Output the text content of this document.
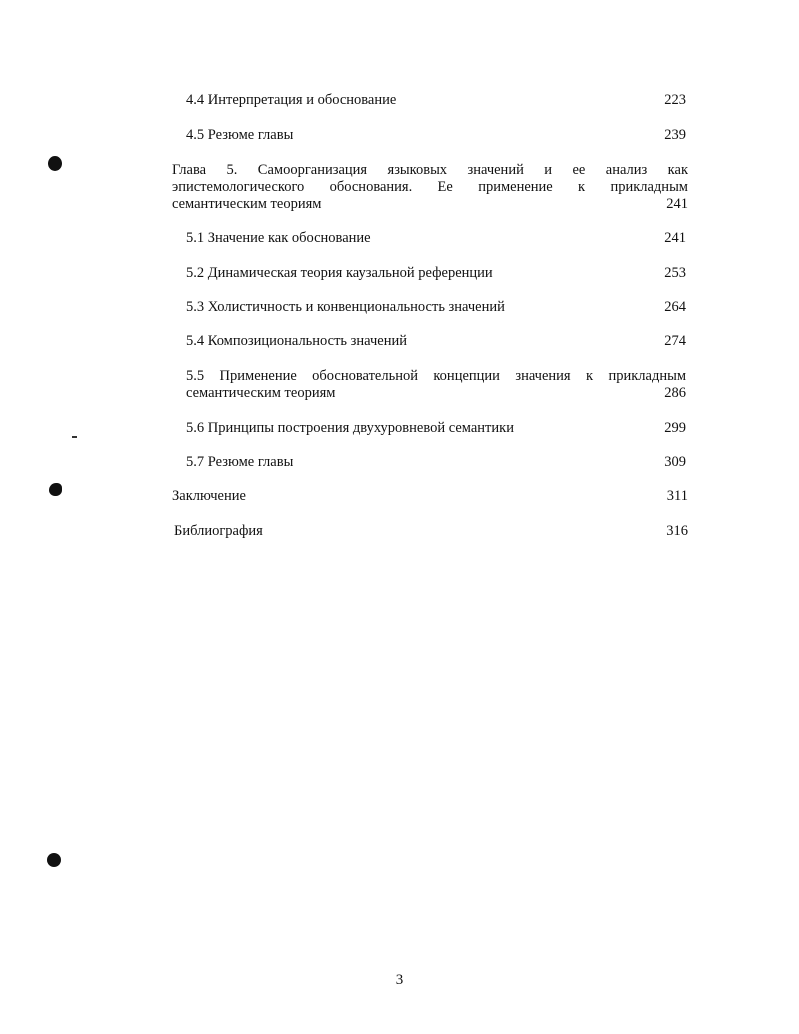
4.4 Интерпретация и обоснование	223
4.5 Резюме главы	239
Глава 5. Самоорганизация языковых значений и ее анализ как
эпистемологического обоснования. Ее применение к прикладным
семантическим теориям	241
5.1 Значение как обоснование	241
5.2 Динамическая теория каузальной референции	253
5.3 Холистичность и конвенциональность значений	264
5.4 Композициональность значений	274
5.5 Применение обосновательной концепции значения к прикладным
семантическим теориям	286
5.6 Принципы построения двухуровневой семантики	299
5.7 Резюме главы	309
Заключение	311
Библиография	316
3
